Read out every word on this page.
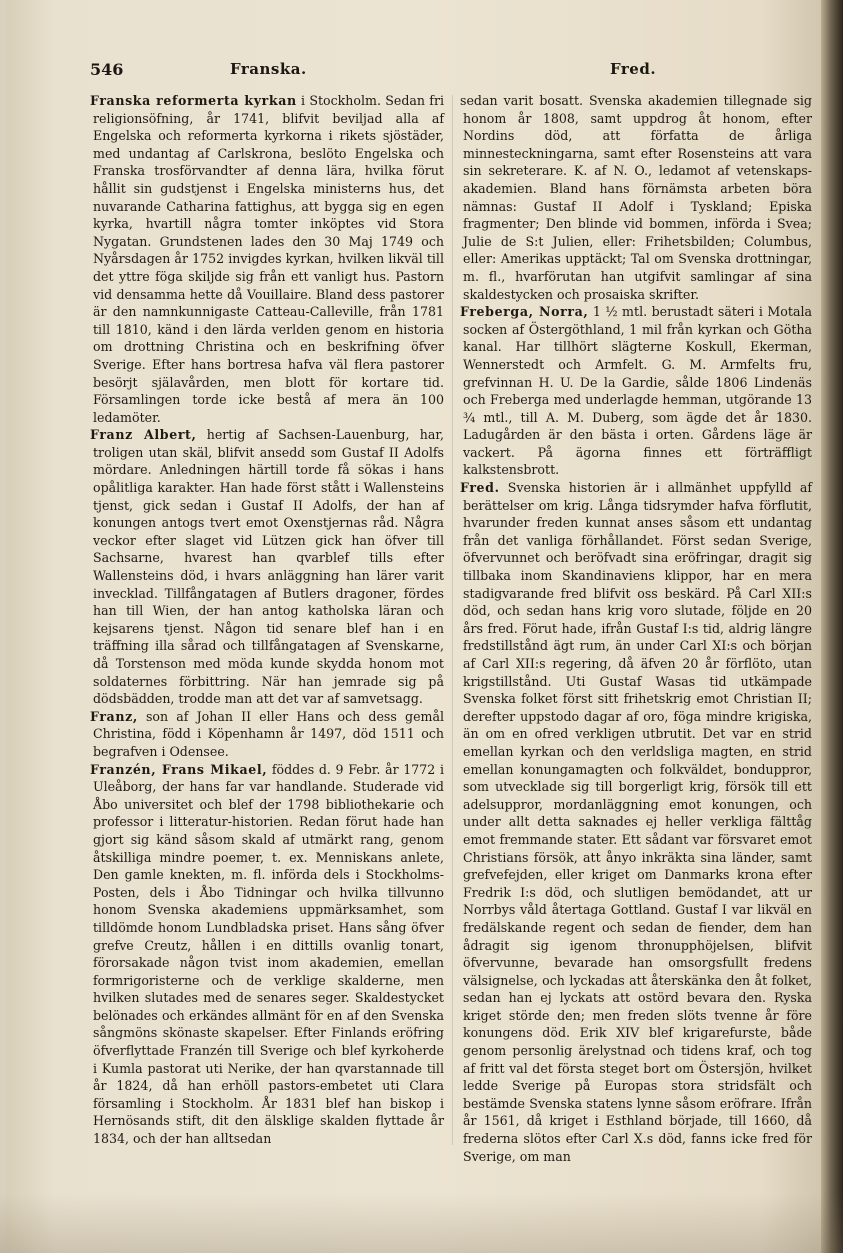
546	Franska.	Fred.

Franska reformerta kyrkan i Stockholm. Sedan fri religionsöfning, år 1741, blifvit beviljad alla af Engelska och reformerta kyrkorna i rikets sjöstäder, med undantag af Carlskrona, beslöto Engelska och Franska trosförvandter af denna lära, hvilka förut hållit sin gudstjenst i Engelska ministerns hus, det nuvarande Catharina fattighus, att bygga sig en egen kyrka, hvartill några tomter inköptes vid Stora Nygatan. Grundstenen lades den 30 Maj 1749 och Nyårsdagen år 1752 invigdes kyrkan, hvilken likväl till det yttre föga skiljde sig från ett vanligt hus. Pastorn vid densamma hette då Vouillaire. Bland dess pastorer är den namnkunnigaste Catteau-Calleville, från 1781 till 1810, känd i den lärda verlden genom en historia om drottning Christina och en beskrifning öfver Sverige. Efter hans bortresa hafva väl flera pastorer besörjt själavården, men blott för kortare tid. Församlingen torde icke bestå af mera än 100 ledamöter.

Franz Albert, hertig af Sachsen-Lauenburg, har, troligen utan skäl, blifvit ansedd som Gustaf II Adolfs mördare. Anledningen härtill torde få sökas i hans opålitliga karakter. Han hade först stått i Wallensteins tjenst, gick sedan i Gustaf II Adolfs, der han af konungen antogs tvert emot Oxenstjernas råd. Några veckor efter slaget vid Lützen gick han öfver till Sachsarne, hvarest han qvarblef tills efter Wallensteins död, i hvars anläggning han lärer varit invecklad. Tillfångatagen af Butlers dragoner, fördes han till Wien, der han antog katholska läran och kejsarens tjenst. Någon tid senare blef han i en träffning illa sårad och tillfångatagen af Svenskarne, då Torstenson med möda kunde skydda honom mot soldaternes förbittring. När han jemrade sig på dödsbädden, trodde man att det var af samvetsagg.

Franz, son af Johan II eller Hans och dess gemål Christina, född i Köpenhamn år 1497, död 1511 och begrafven i Odensee.

Franzén, Frans Mikael, föddes d. 9 Febr. år 1772 i Uleåborg, der hans far var handlande. Studerade vid Åbo universitet och blef der 1798 bibliothekarie och professor i litteratur-historien. Redan förut hade han gjort sig känd såsom skald af utmärkt rang, genom åtskilliga mindre poemer, t. ex. Menniskans anlete, Den gamle knekten, m. fl. införda dels i Stockholms-Posten, dels i Åbo Tidningar och hvilka tillvunno honom Svenska akademiens uppmärksamhet, som tilldömde honom Lundbladska priset. Hans sång öfver grefve Creutz, hållen i en dittills ovanlig tonart, förorsakade någon tvist inom akademien, emellan formrigoristerne och de verklige skalderne, men hvilken slutades med de senares seger. Skaldestycket belönades och erkändes allmänt för en af den Svenska sångmöns skönaste skapelser. Efter Finlands eröfring öfverflyttade Franzén till Sverige och blef kyrkoherde i Kumla pastorat uti Nerike, der han qvarstannade till år 1824, då han erhöll pastors-embetet uti Clara församling i Stockholm. År 1831 blef han biskop i Hernösands stift, dit den älsklige skalden flyttade år 1834, och der han alltsedan

sedan varit bosatt. Svenska akademien tillegnade sig honom år 1808, samt uppdrog åt honom, efter Nordins död, att författa de årliga minnesteckningarna, samt efter Rosensteins att vara sin sekreterare. K. af N. O., ledamot af vetenskaps-akademien. Bland hans förnämsta arbeten böra nämnas: Gustaf II Adolf i Tyskland; Episka fragmenter; Den blinde vid bommen, införda i Svea; Julie de S:t Julien, eller: Frihetsbilden; Columbus, eller: Amerikas upptäckt; Tal om Svenska drottningar, m. fl., hvarförutan han utgifvit samlingar af sina skaldestycken och prosaiska skrifter.

Freberga, Norra, 1 ½ mtl. berustadt säteri i Motala socken af Östergöthland, 1 mil från kyrkan och Götha kanal. Har tillhört slägterne Koskull, Ekerman, Wennerstedt och Armfelt. G. M. Armfelts fru, grefvinnan H. U. De la Gardie, sålde 1806 Lindenäs och Freberga med underlagde hemman, utgörande 13 ¾ mtl., till A. M. Duberg, som ägde det år 1830. Ladugården är den bästa i orten. Gårdens läge är vackert. På ägorna finnes ett förträffligt kalkstensbrott.

Fred. Svenska historien är i allmänhet uppfylld af berättelser om krig. Långa tidsrymder hafva förflutit, hvarunder freden kunnat anses såsom ett undantag från det vanliga förhållandet. Först sedan Sverige, öfvervunnet och beröfvadt sina eröfringar, dragit sig tillbaka inom Skandinaviens klippor, har en mera stadigvarande fred blifvit oss beskärd. På Carl XII:s död, och sedan hans krig voro slutade, följde en 20 års fred. Förut hade, ifrån Gustaf I:s tid, aldrig längre fredstillstånd ägt rum, än under Carl XI:s och början af Carl XII:s regering, då äfven 20 år förflöto, utan krigstillstånd. Uti Gustaf Wasas tid utkämpade Svenska folket först sitt frihetskrig emot Christian II; derefter uppstodo dagar af oro, föga mindre krigiska, än om en ofred verkligen utbrutit. Det var en strid emellan kyrkan och den verldsliga magten, en strid emellan konungamagten och folkväldet, bonduppror, som utvecklade sig till borgerligt krig, försök till ett adelsuppror, mordanläggning emot konungen, och under allt detta saknades ej heller verkliga fälttåg emot fremmande stater. Ett sådant var försvaret emot Christians försök, att ånyo inkräkta sina länder, samt grefvefejden, eller kriget om Danmarks krona efter Fredrik I:s död, och slutligen bemödandet, att ur Norrbys våld återtaga Gottland. Gustaf I var likväl en fredälskande regent och sedan de fiender, dem han ådragit sig igenom thronupphöjelsen, blifvit öfvervunne, bevarade han omsorgsfullt fredens välsignelse, och lyckadas att återskänka den åt folket, sedan han ej lyckats att ostörd bevara den. Ryska kriget störde den; men freden slöts tvenne år före konungens död. Erik XIV blef krigarefurste, både genom personlig ärelystnad och tidens kraf, och tog af fritt val det första steget bort om Östersjön, hvilket ledde Sverige på Europas stora stridsfält och bestämde Svenska statens lynne såsom eröfrare. Ifrån år 1561, då kriget i Esthland började, till 1660, då frederna slötos efter Carl X.s död, fanns icke fred för Sverige, om man
